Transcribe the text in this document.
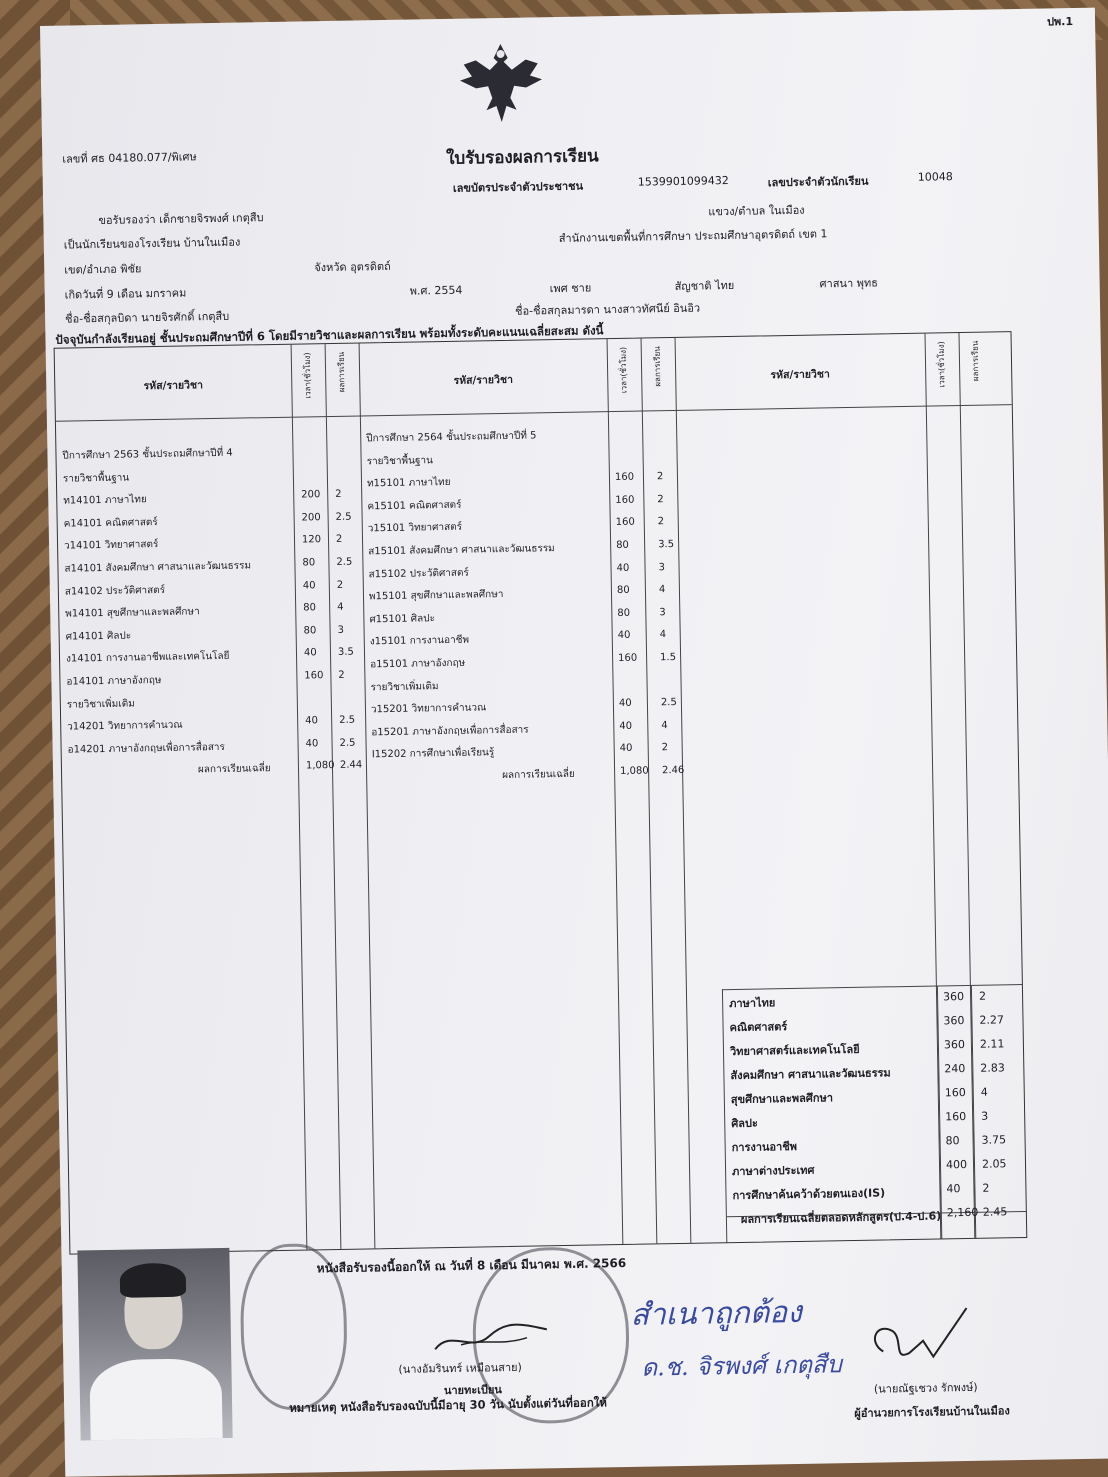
ปพ.1
เลขที่ ศธ 04180.077/พิเศษ	ใบรับรองผลการเรียน
เลขบัตรประจำตัวประชาชน	1539901099432	เลขประจำตัวนักเรียน	10048
ขอรับรองว่า เด็กชายจิรพงศ์ เกตุสืบ
แขวง/ตำบล ในเมือง
เป็นนักเรียนของโรงเรียน บ้านในเมือง	สำนักงานเขตพื้นที่การศึกษา ประถมศึกษาอุตรดิตถ์ เขต 1
เขต/อำเภอ พิชัย	จังหวัด อุตรดิตถ์
เกิดวันที่ 9 เดือน มกราคม	พ.ศ. 2554	เพศ ชาย	สัญชาติ ไทย	ศาสนา พุทธ
ชื่อ-ชื่อสกุลบิดา นายจิรศักดิ์ เกตุสืบ	ชื่อ-ชื่อสกุลมารดา นางสาวทัศนีย์ อินอิว
ปัจจุบันกำลังเรียนอยู่ ชั้นประถมศึกษาปีที่ 6 โดยมีรายวิชาและผลการเรียน พร้อมทั้งระดับคะแนนเฉลี่ยสะสม ดังนี้
รหัส/รายวิชา	เวลา(ชั่วโมง)	ผลการเรียน	รหัส/รายวิชา	เวลา(ชั่วโมง)	ผลการเรียน	รหัส/รายวิชา	เวลา(ชั่วโมง)	ผลการเรียน
ปีการศึกษา 2563 ชั้นประถมศึกษาปีที่ 4
รายวิชาพื้นฐาน
ท14101 ภาษาไทย	200 2
ค14101 คณิตศาสตร์	200 2.5
ว14101 วิทยาศาสตร์	120 2
ส14101 สังคมศึกษา ศาสนาและวัฒนธรรม	80 2.5
ส14102 ประวัติศาสตร์	40 2
พ14101 สุขศึกษาและพลศึกษา	80 4
ศ14101 ศิลปะ	80 3
ง14101 การงานอาชีพและเทคโนโลยี	40 3.5
อ14101 ภาษาอังกฤษ	160 2
รายวิชาเพิ่มเติม
ว14201 วิทยาการคำนวณ	40 2.5
อ14201 ภาษาอังกฤษเพื่อการสื่อสาร	40 2.5
ผลการเรียนเฉลี่ย	1,080 2.44
ปีการศึกษา 2564 ชั้นประถมศึกษาปีที่ 5
รายวิชาพื้นฐาน
ท15101 ภาษาไทย	160 2
ค15101 คณิตศาสตร์	160 2
ว15101 วิทยาศาสตร์	160 2
ส15101 สังคมศึกษา ศาสนาและวัฒนธรรม	80	3.5
ส15102 ประวัติศาสตร์	40	3
พ15101 สุขศึกษาและพลศึกษา	80	4
ศ15101 ศิลปะ	80	3
ง15101 การงานอาชีพ	40	4
อ15101 ภาษาอังกฤษ	160 1.5
รายวิชาเพิ่มเติม
ว15201 วิทยาการคำนวณ	40	2.5
อ15201 ภาษาอังกฤษเพื่อการสื่อสาร	40	4
I15202 การศึกษาเพื่อเรียนรู้	40	2
ผลการเรียนเฉลี่ย	1,080 2.46
ภาษาไทย	360 2
คณิตศาสตร์	360 2.27
วิทยาศาสตร์และเทคโนโลยี	360 2.11
สังคมศึกษา ศาสนาและวัฒนธรรม	240 2.83
สุขศึกษาและพลศึกษา	160 4
ศิลปะ	160 3
การงานอาชีพ	80 3.75
ภาษาต่างประเทศ	400 2.05
การศึกษาค้นคว้าด้วยตนเอง(IS)	40 2
ผลการเรียนเฉลี่ยตลอดหลักสูตร(ป.4-ป.6) 2,160 2.45
หนังสือรับรองนี้ออกให้ ณ วันที่ 8 เดือน มีนาคม พ.ศ. 2566
สำเนาถูกต้อง
ด.ช. จิรพงศ์ เกตุสืบ
(นางอัมรินทร์ เหมือนสาย)
นายทะเบียน	(นายณัฐเชวง รักพงษ์)
ผู้อำนวยการโรงเรียนบ้านในเมือง
หมายเหตุ หนังสือรับรองฉบับนี้มีอายุ 30 วัน นับตั้งแต่วันที่ออกให้
